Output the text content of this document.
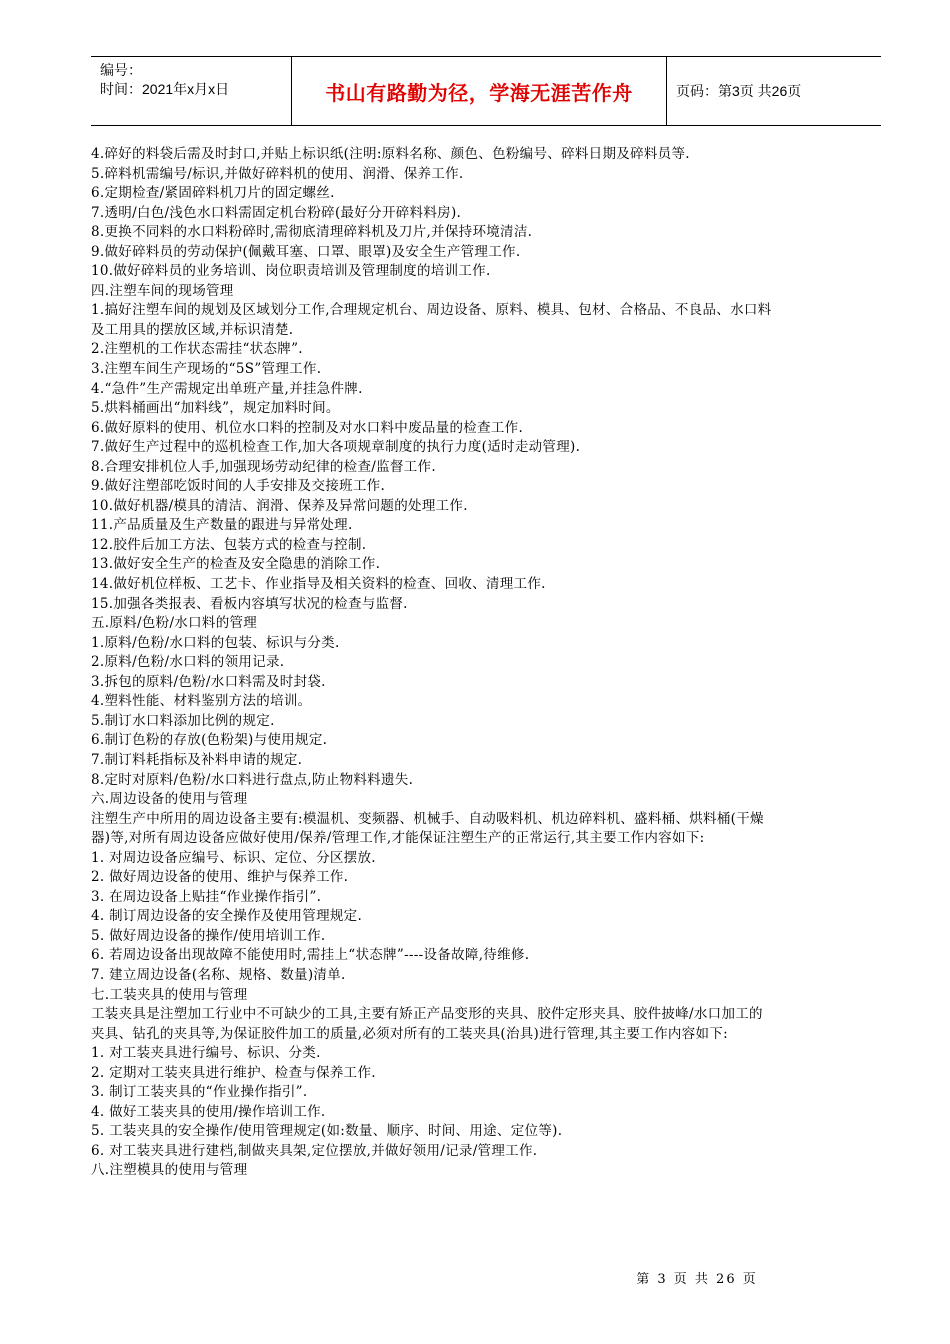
编号：
时间：2021年x月x日	书山有路勤为径，学海无涯苦作舟	页码：第3页 共26页

4.碎好的料袋后需及时封口,并贴上标识纸(注明:原料名称、颜色、色粉编号、碎料日期及碎料员等.

5.碎料机需编号/标识,并做好碎料机的使用、润滑、保养工作.

6.定期检查/紧固碎料机刀片的固定螺丝.

7.透明/白色/浅色水口料需固定机台粉碎(最好分开碎料料房).

8.更换不同料的水口料粉碎时,需彻底清理碎料机及刀片,并保持环境清洁.

9.做好碎料员的劳动保护(佩戴耳塞、口罩、眼罩)及安全生产管理工作.

10.做好碎料员的业务培训、岗位职责培训及管理制度的培训工作.

四.注塑车间的现场管理

1.搞好注塑车间的规划及区域划分工作,合理规定机台、周边设备、原料、模具、包材、合格品、不良品、水口料

及工用具的摆放区域,并标识清楚.

2.注塑机的工作状态需挂“状态牌”.

3.注塑车间生产现场的“5S”管理工作.

4.“急件”生产需规定出单班产量,并挂急件牌.

5.烘料桶画出“加料线”，规定加料时间。

6.做好原料的使用、机位水口料的控制及对水口料中废品量的检查工作.

7.做好生产过程中的巡机检查工作,加大各项规章制度的执行力度(适时走动管理).

8.合理安排机位人手,加强现场劳动纪律的检查/监督工作.

9.做好注塑部吃饭时间的人手安排及交接班工作.

10.做好机器/模具的清洁、润滑、保养及异常问题的处理工作.

11.产品质量及生产数量的跟进与异常处理.

12.胶件后加工方法、包装方式的检查与控制.

13.做好安全生产的检查及安全隐患的消除工作.

14.做好机位样板、工艺卡、作业指导及相关资料的检查、回收、清理工作.

15.加强各类报表、看板内容填写状况的检查与监督.

五.原料/色粉/水口料的管理

1.原料/色粉/水口料的包装、标识与分类.

2.原料/色粉/水口料的领用记录.

3.拆包的原料/色粉/水口料需及时封袋.

4.塑料性能、材料鉴别方法的培训。

5.制订水口料添加比例的规定.

6.制订色粉的存放(色粉架)与使用规定.

7.制订料耗指标及补料申请的规定.

8.定时对原料/色粉/水口料进行盘点,防止物料料遗失.

六.周边设备的使用与管理

注塑生产中所用的周边设备主要有:模温机、变频器、机械手、自动吸料机、机边碎料机、盛料桶、烘料桶(干燥

器)等,对所有周边设备应做好使用/保养/管理工作,才能保证注塑生产的正常运行,其主要工作内容如下:

1. 对周边设备应编号、标识、定位、分区摆放.

2. 做好周边设备的使用、维护与保养工作.

3. 在周边设备上贴挂“作业操作指引”.

4. 制订周边设备的安全操作及使用管理规定.

5. 做好周边设备的操作/使用培训工作.

6. 若周边设备出现故障不能使用时,需挂上“状态牌”----设备故障,待维修.

7. 建立周边设备(名称、规格、数量)清单.

七.工装夹具的使用与管理

工装夹具是注塑加工行业中不可缺少的工具,主要有矫正产品变形的夹具、胶件定形夹具、胶件披峰/水口加工的

夹具、钻孔的夹具等,为保证胶件加工的质量,必须对所有的工装夹具(治具)进行管理,其主要工作内容如下:

1. 对工装夹具进行编号、标识、分类.

2. 定期对工装夹具进行维护、检查与保养工作.

3. 制订工装夹具的“作业操作指引”.

4. 做好工装夹具的使用/操作培训工作.

5. 工装夹具的安全操作/使用管理规定(如:数量、顺序、时间、用途、定位等).

6. 对工装夹具进行建档,制做夹具架,定位摆放,并做好领用/记录/管理工作.

八.注塑模具的使用与管理

第 3 页 共 26 页
